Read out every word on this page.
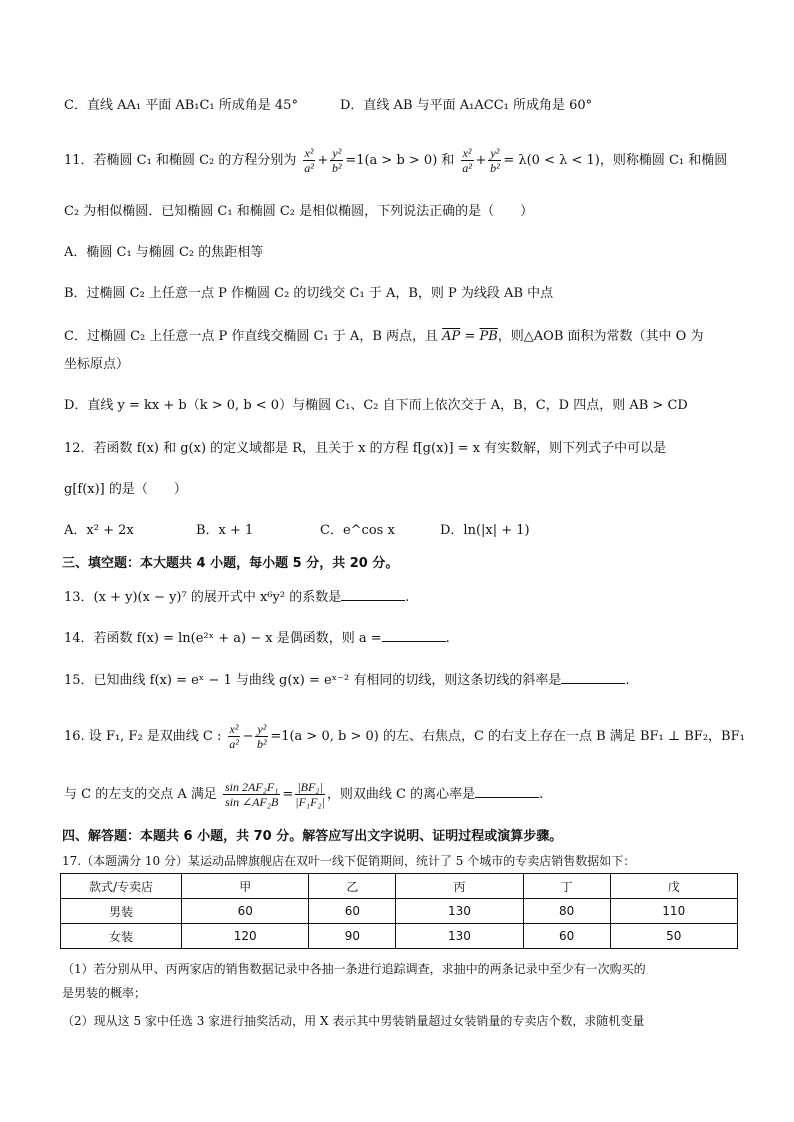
C．直线 AA₁ 平面 AB₁C₁ 所成角是 45°	D．直线 AB 与平面 A₁ACC₁ 所成角是 60°
11．若椭圆 C₁ 和椭圆 C₂ 的方程分别为 $\frac{\text{x²}}{\text{a²}} + \frac{\text{y²}}{\text{b²}} =1(a > b > 0)$ 和 $\frac{\text{x²}}{\text{a²}} + \frac{\text{y²}}{\text{b²}} = \lambda(0 < \lambda < 1)$，则称椭圆 C₁ 和椭圆
C₂ 为相似椭圆．已知椭圆 C₁ 和椭圆 C₂ 是相似椭圆，下列说法正确的是（　　）
A．椭圆 C₁ 与椭圆 C₂ 的焦距相等
B．过椭圆 C₂ 上任意一点 P 作椭圆 C₂ 的切线交 C₁ 于 A，B，则 P 为线段 AB 中点
C．过椭圆 C₂ 上任意一点 P 作直线交椭圆 C₁ 于 A，B 两点，且 $\overline{AP} = \overline{PB}$，则△AOB 面积为常数（其中 O 为
坐标原点）
D．直线 y = kx + b（k > 0, b < 0）与椭圆 C₁、C₂ 自下而上依次交于 A，B，C，D 四点，则 AB > CD
12．若函数 f(x) 和 g(x) 的定义域都是 R，且关于 x 的方程 f[g(x)] = x 有实数解，则下列式子中可以是
g[f(x)] 的是（　　）
A．x² + 2x	B．x + 1	C．e^cos x	D．ln(|x| + 1)
三、填空题：本大题共 4 小题，每小题 5 分，共 20 分。
13．(x + y)(x − y)⁷ 的展开式中 x⁶y² 的系数是	.
14．若函数 f(x) = ln(e²ˣ + a) − x 是偶函数，则 a =	.
15．已知曲线 f(x) = eˣ − 1 与曲线 g(x) = eˣ⁻² 有相同的切线，则这条切线的斜率是	.
16. 设 F₁, F₂ 是双曲线 C : $\frac{\text{x²}}{\text{a²}} - \frac{\text{y²}}{\text{b²}} =1(a > 0$, b > 0) 的左、右焦点，C 的右支上存在一点 B 满足 BF₁ ⊥ BF₂，BF₁
与 C 的左支的交点 A 满足 $\frac{\text{sin 2AF₂F₁}}{\text{sin ∠AF₂B}} = \frac{\text{|BF₂|}}{\text{|F₁F₂|}}$ ，则双曲线 C 的离心率是	.
四、解答题：本题共 6 小题，共 70 分。解答应写出文字说明、证明过程或演算步骤。
17.（本题满分 10 分）某运动品牌旗舰店在双叶一线下促销期间，统计了 5 个城市的专卖店销售数据如下：
款式/专卖店	甲	乙	丙	丁	戊
男装	60	60	130	80	110
女装	120	90	130	60	50
（1）若分别从甲、丙两家店的销售数据记录中各抽一条进行追踪调查，求抽中的两条记录中至少有一次购买的
是男装的概率；
（2）现从这 5 家中任选 3 家进行抽奖活动，用 X 表示其中男装销量超过女装销量的专卖店个数，求随机变量
